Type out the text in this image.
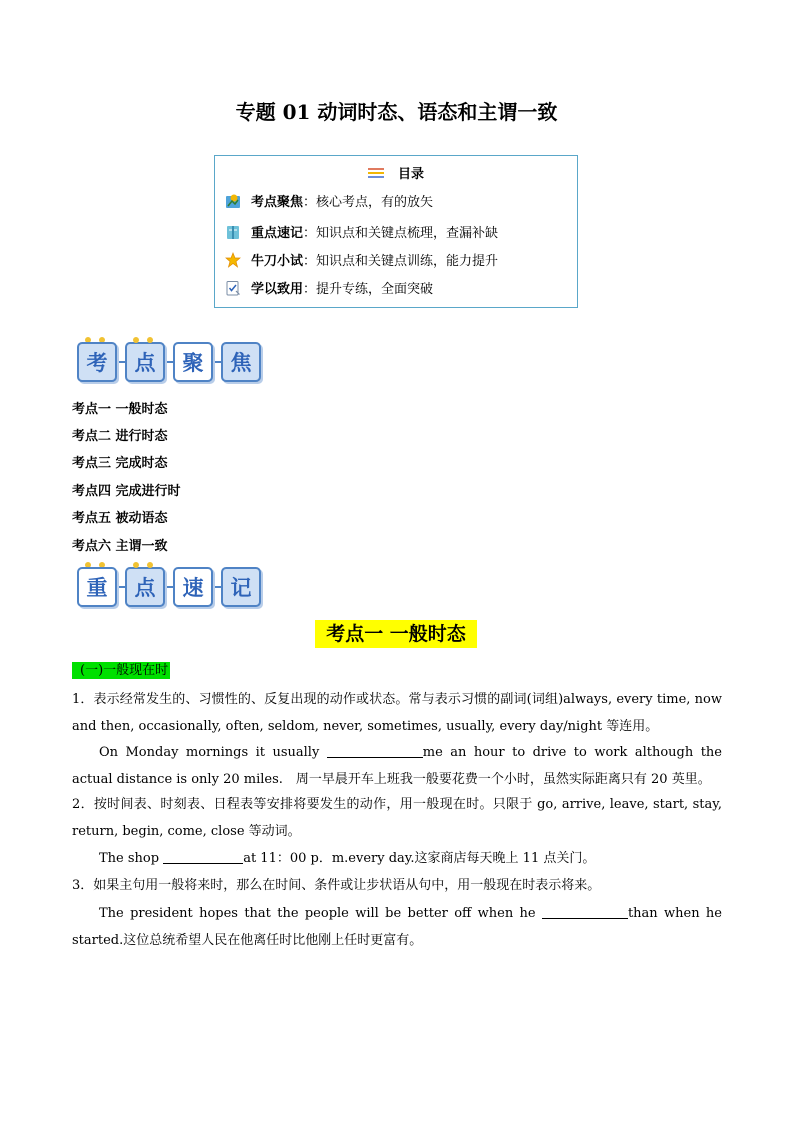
专题 01 动词时态、语态和主谓一致
目录
考点聚焦：核心考点，有的放矢
重点速记：知识点和关键点梳理，查漏补缺
牛刀小试：知识点和关键点训练，能力提升
学以致用：提升专练，全面突破
考	点	聚	焦
考点一 一般时态
考点二 进行时态
考点三 完成时态
考点四 完成进行时
考点五 被动语态
考点六 主谓一致
重	点	速	记
考点一 一般时态
(一)一般现在时
1．表示经常发生的、习惯性的、反复出现的动作或状态。常与表示习惯的副词(词组)always, every time, now and then, occasionally, often, seldom, never, sometimes, usually, every day/night 等连用。
On Monday mornings it usually	me an hour to drive to work although the actual distance is only 20 miles.　周一早晨开车上班我一般要花费一个小时，虽然实际距离只有 20 英里。
2．按时间表、时刻表、日程表等安排将要发生的动作，用一般现在时。只限于 go, arrive, leave, start, stay, return, begin, come, close 等动词。
The shop	at 11：00 p．m.every day.这家商店每天晚上 11 点关门。
3．如果主句用一般将来时，那么在时间、条件或让步状语从句中，用一般现在时表示将来。
The president hopes that the people will be better off when he	than when he started.这位总统希望人民在他离任时比他刚上任时更富有。
